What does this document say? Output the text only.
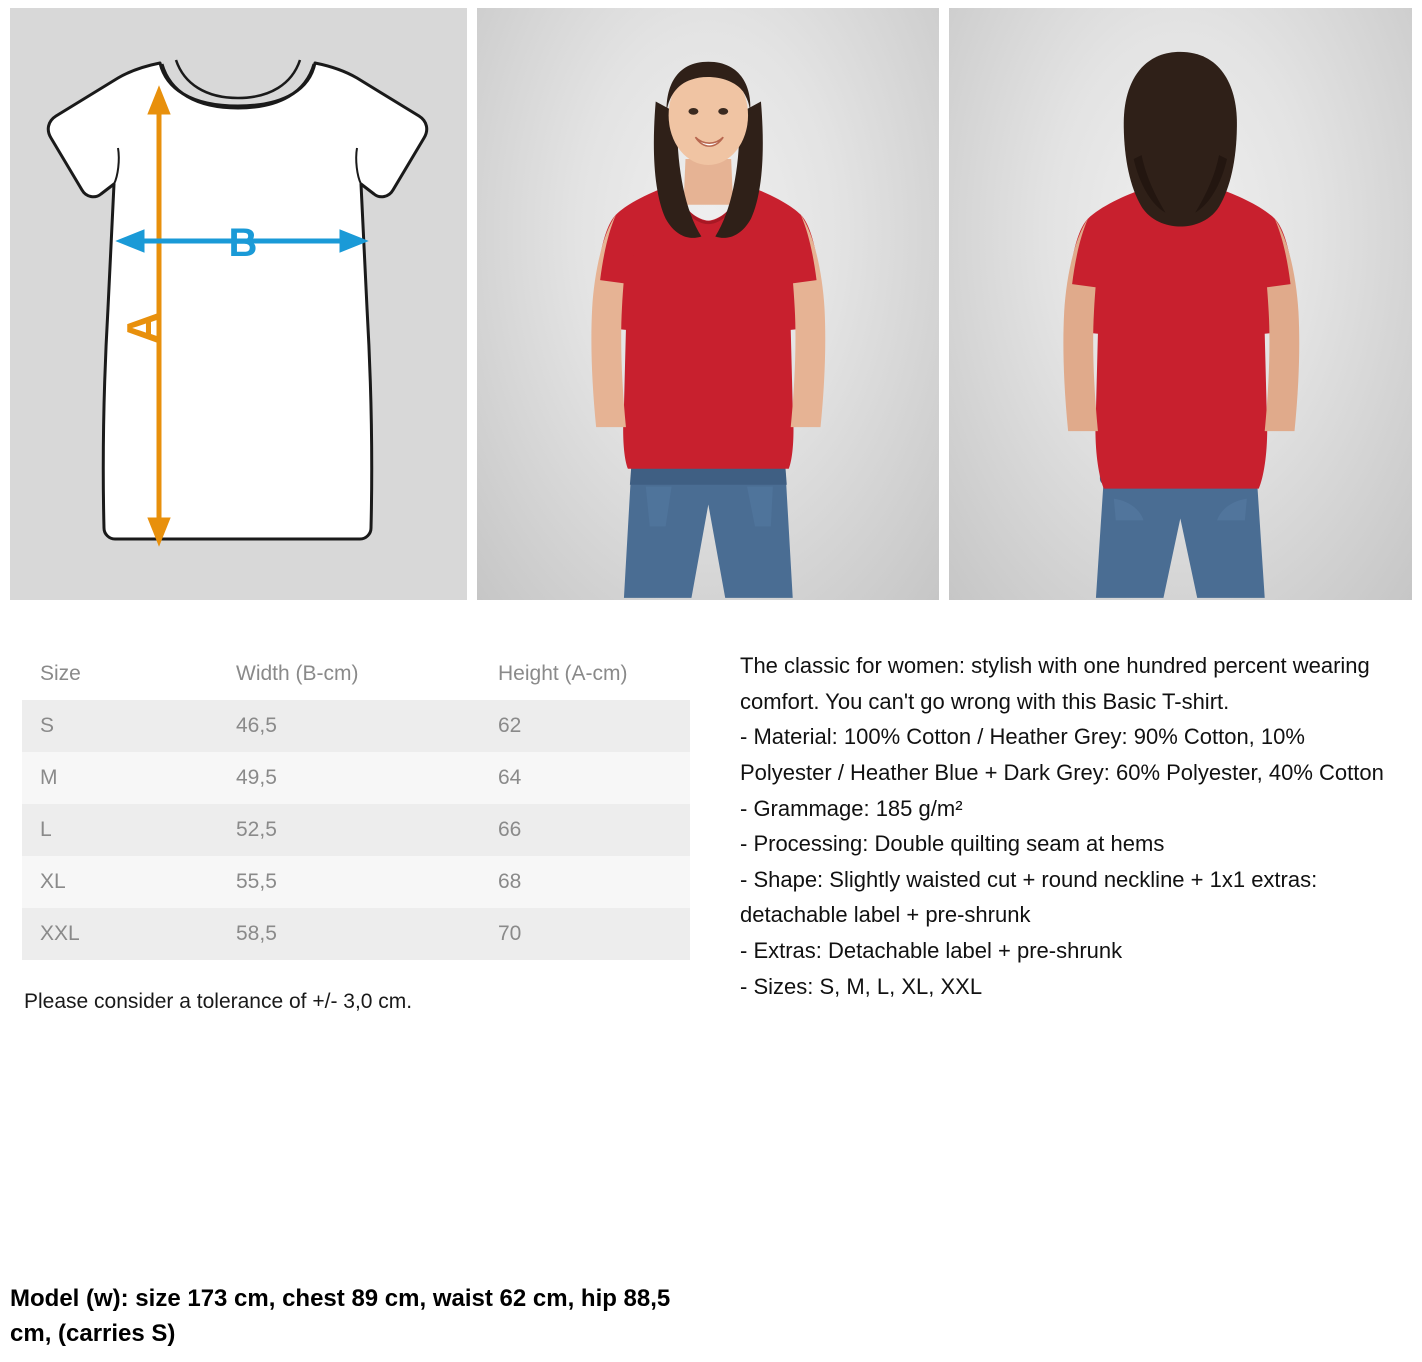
A
B
Size	Width (B-cm)	Height (A-cm)
S	46,5	62
M	49,5	64
L	52,5	66
XL	55,5	68
XXL	58,5	70
Please consider a tolerance of +/- 3,0 cm.

The classic for women: stylish with one hundred percent wearing comfort. You can't go wrong with this Basic T-shirt.

- Material: 100% Cotton / Heather Grey: 90% Cotton, 10% Polyester / Heather Blue + Dark Grey: 60% Polyester, 40% Cotton

- Grammage: 185 g/m²

- Processing: Double quilting seam at hems

- Shape: Slightly waisted cut + round neckline + 1x1 extras: detachable label + pre-shrunk

- Extras: Detachable label + pre-shrunk

- Sizes: S, M, L, XL, XXL

Model (w): size 173 cm, chest 89 cm, waist 62 cm, hip 88,5 cm, (carries S)
